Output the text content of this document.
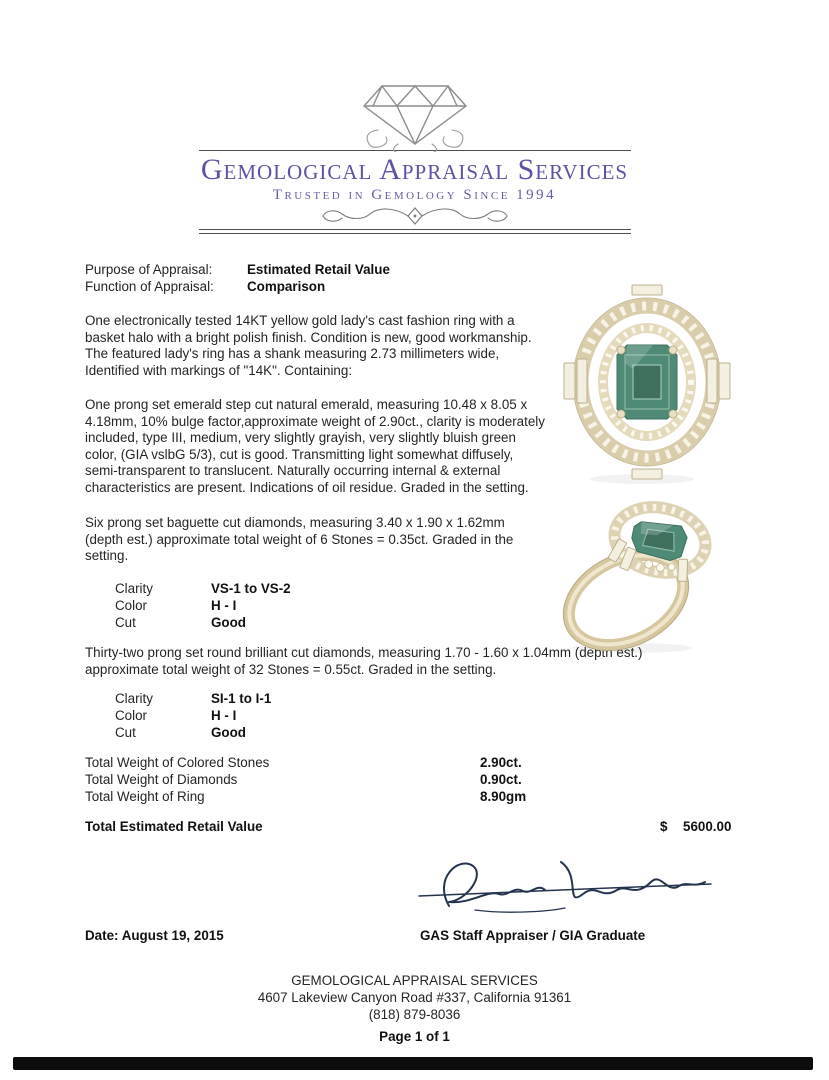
Gemological Appraisal Services
Trusted in Gemology Since 1994
Purpose of Appraisal:	Estimated Retail Value
Function of Appraisal:	Comparison

One electronically tested 14KT yellow gold lady's cast fashion ring with a basket halo with a bright polish finish. Condition is new, good workmanship. The featured lady's ring has a shank measuring 2.73 millimeters wide, Identified with markings of "14K". Containing:

One prong set emerald step cut natural emerald, measuring 10.48 x 8.05 x 4.18mm, 10% bulge factor,approximate weight of 2.90ct., clarity is moderately included, type III, medium, very slightly grayish, very slightly bluish green color, (GIA vslbG 5/3), cut is good. Transmitting light somewhat diffusely, semi-transparent to translucent. Naturally occurring internal & external characteristics are present. Indications of oil residue. Graded in the setting.

Six prong set baguette cut diamonds, measuring 3.40 x 1.90 x 1.62mm (depth est.) approximate total weight of 6 Stones = 0.35ct. Graded in the setting.

Thirty-two prong set round brilliant cut diamonds, measuring 1.70 - 1.60 x 1.04mm (depth est.) approximate total weight of 32 Stones = 0.55ct. Graded in the setting.

Clarity	VS-1 to VS-2
Color	H - I
Cut	Good
Clarity	SI-1 to I-1
Color	H - I
Cut	Good
Total Weight of Colored Stones	2.90ct.
Total Weight of Diamonds	0.90ct.
Total Weight of Ring	8.90gm
Total Estimated Retail Value	$ 5600.00
Date: August 19, 2015	GAS Staff Appraiser / GIA Graduate
GEMOLOGICAL APPRAISAL SERVICES
4607 Lakeview Canyon Road #337, California 91361
(818) 879-8036
Page 1 of 1
